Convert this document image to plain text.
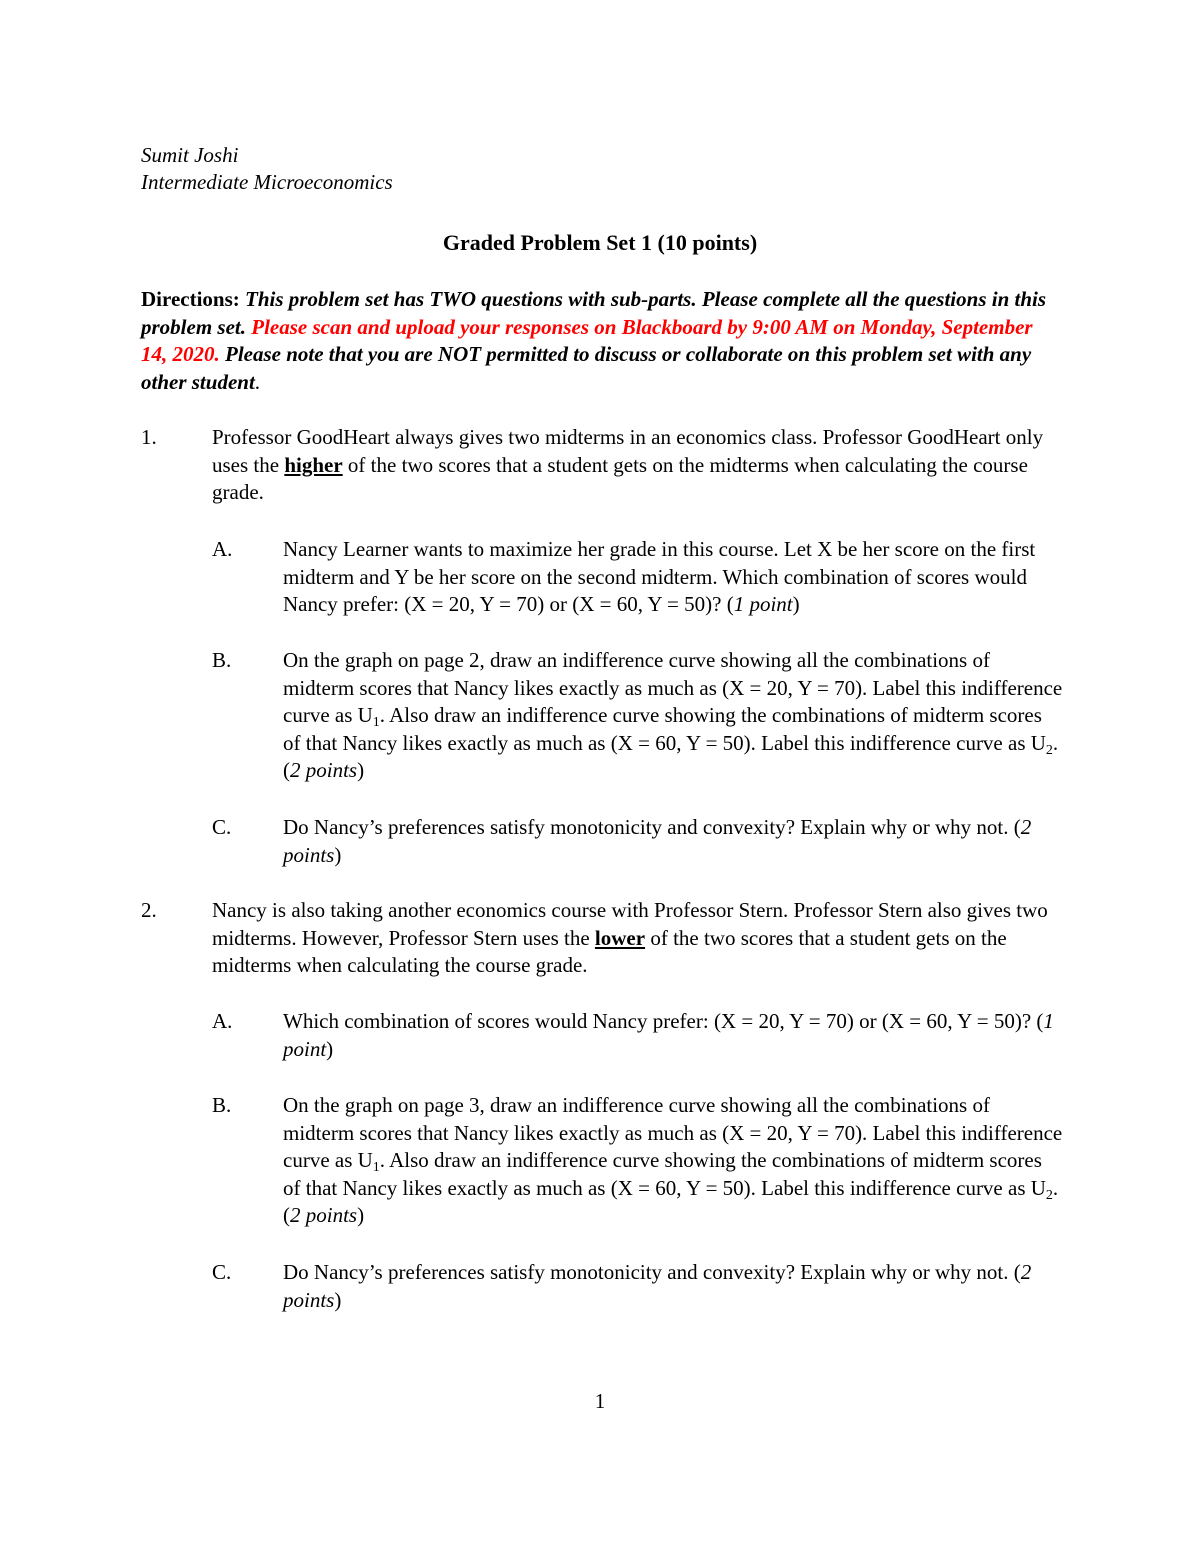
Sumit Joshi
Intermediate Microeconomics
Graded Problem Set 1 (10 points)
Directions: This problem set has TWO questions with sub-parts. Please complete all the questions in this problem set. Please scan and upload your responses on Blackboard by 9:00 AM on Monday, September 14, 2020. Please note that you are NOT permitted to discuss or collaborate on this problem set with any other student.
1.	Professor GoodHeart always gives two midterms in an economics class. Professor GoodHeart only uses the higher of the two scores that a student gets on the midterms when calculating the course grade.
A. Nancy Learner wants to maximize her grade in this course. Let X be her score on the first midterm and Y be her score on the second midterm. Which combination of scores would Nancy prefer: (X = 20, Y = 70) or (X = 60, Y = 50)? (1 point)
B. On the graph on page 2, draw an indifference curve showing all the combinations of midterm scores that Nancy likes exactly as much as (X = 20, Y = 70). Label this indifference curve as $U_1$. Also draw an indifference curve showing the combinations of midterm scores of that Nancy likes exactly as much as (X = 60, Y = 50). Label this indifference curve as $U_2$. (2 points)
C. Do Nancy’s preferences satisfy monotonicity and convexity? Explain why or why not. (2 points)
2.	Nancy is also taking another economics course with Professor Stern. Professor Stern also gives two midterms. However, Professor Stern uses the lower of the two scores that a student gets on the midterms when calculating the course grade.
A. Which combination of scores would Nancy prefer: (X = 20, Y = 70) or (X = 60, Y = 50)? (1 point)
B. On the graph on page 3, draw an indifference curve showing all the combinations of midterm scores that Nancy likes exactly as much as (X = 20, Y = 70). Label this indifference curve as $U_1$. Also draw an indifference curve showing the combinations of midterm scores of that Nancy likes exactly as much as (X = 60, Y = 50). Label this indifference curve as $U_2$. (2 points)
C. Do Nancy’s preferences satisfy monotonicity and convexity? Explain why or why not. (2 points)
1
